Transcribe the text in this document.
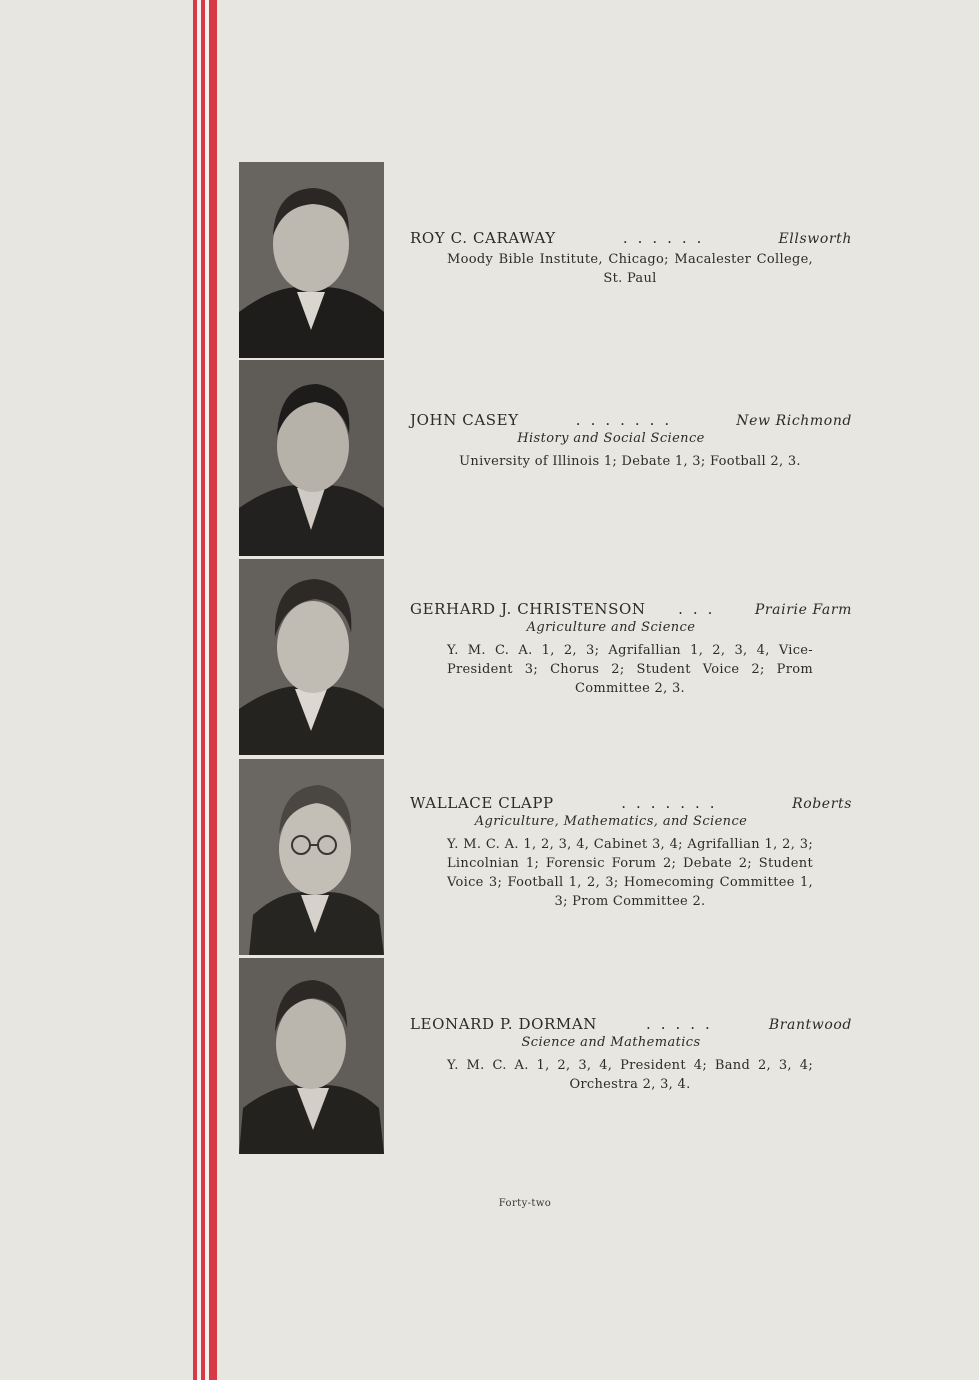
ROY C. CARAWAY	......	Ellsworth
Moody Bible Institute, Chicago; Macalester College, St. Paul
JOHN CASEY	.......	New Richmond
History and Social Science
University of Illinois 1; Debate 1, 3; Football 2, 3.
GERHARD J. CHRISTENSON	...	Prairie Farm
Agriculture and Science
Y. M. C. A. 1, 2, 3; Agrifallian 1, 2, 3, 4, Vice-President 3; Chorus 2; Student Voice 2; Prom Committee 2, 3.
WALLACE CLAPP	.......	Roberts
Agriculture, Mathematics, and Science
Y. M. C. A. 1, 2, 3, 4, Cabinet 3, 4; Agrifallian 1, 2, 3; Lincolnian 1; Forensic Forum 2; Debate 2; Student Voice 3; Football 1, 2, 3; Homecoming Committee 1, 3; Prom Committee 2.
LEONARD P. DORMAN	.....	Brantwood
Science and Mathematics
Y. M. C. A. 1, 2, 3, 4, President 4; Band 2, 3, 4; Orchestra 2, 3, 4.
Forty-two
